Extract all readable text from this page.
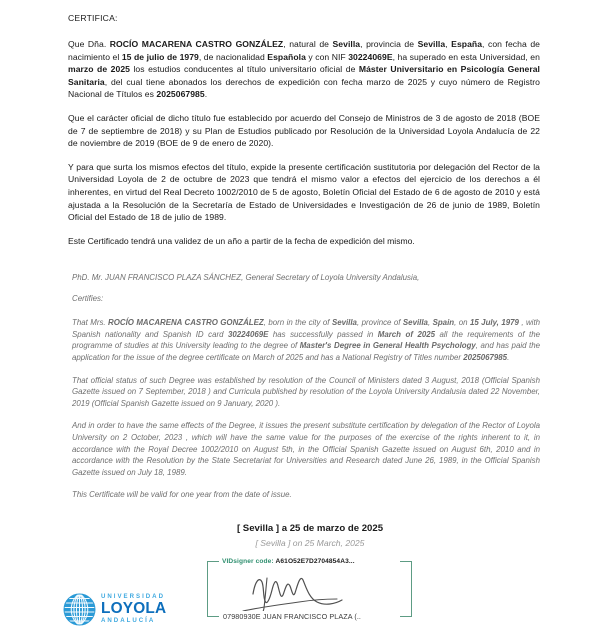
CERTIFICA:

Que Dña. ROCÍO MACARENA CASTRO GONZÁLEZ, natural de Sevilla, provincia de Sevilla, España, con fecha de nacimiento el 15 de julio de 1979, de nacionalidad Española y con NIF 30224069E, ha superado en esta Universidad, en marzo de 2025 los estudios conducentes al título universitario oficial de Máster Universitario en Psicología General Sanitaria, del cual tiene abonados los derechos de expedición con fecha marzo de 2025 y cuyo número de Registro Nacional de Títulos es 2025067985.

Que el carácter oficial de dicho título fue establecido por acuerdo del Consejo de Ministros de 3 de agosto de 2018 (BOE de 7 de septiembre de 2018) y su Plan de Estudios publicado por Resolución de la Universidad Loyola Andalucía de 22 de noviembre de 2019 (BOE de 9 de enero de 2020).

Y para que surta los mismos efectos del título, expide la presente certificación sustitutoria por delegación del Rector de la Universidad Loyola de 2 de octubre de 2023 que tendrá el mismo valor a efectos del ejercicio de los derechos a él inherentes, en virtud del Real Decreto 1002/2010 de 5 de agosto, Boletín Oficial del Estado de 6 de agosto de 2010 y está ajustada a la Resolución de la Secretaría de Estado de Universidades e Investigación de 26 de junio de 1989, Boletín Oficial del Estado de 18 de julio de 1989.

Este Certificado tendrá una validez de un año a partir de la fecha de expedición del mismo.

PhD. Mr. JUAN FRANCISCO PLAZA SÁNCHEZ, General Secretary of Loyola University Andalusia,

Certifies:

That Mrs. ROCÍO MACARENA CASTRO GONZÁLEZ, born in the city of Sevilla, province of Sevilla, Spain, on 15 July, 1979 , with Spanish nationality and Spanish ID card 30224069E has successfully passed in March of 2025 all the requirements of the programme of studies at this University leading to the degree of Master's Degree in General Health Psychology, and has paid the application for the issue of the degree certificate on March of 2025 and has a National Registry of Titles number 2025067985.

That official status of such Degree was established by resolution of the Council of Ministers dated 3 August, 2018 (Official Spanish Gazette issued on 7 September, 2018 ) and Curricula published by resolution of the Loyola University Andalusia dated 22 November, 2019 (Official Spanish Gazette issued on 9 January, 2020 ).

And in order to have the same effects of the Degree, it issues the present substitute certification by delegation of the Rector of Loyola University on 2 October, 2023 , which will have the same value for the purposes of the exercise of the rights inherent to it, in accordance with the Royal Decree 1002/2010 on August 5th, in the Official Spanish Gazette issued on August 6th, 2010 and in accordance with the Resolution by the State Secretariat for Universities and Research dated June 26, 1989, in the Official Spanish Gazette issued on July 18, 1989.

This Certificate will be valid for one year from the date of issue.

[ Sevilla ] a 25 de marzo de 2025
[ Sevilla ] on 25 March, 2025
VIDsigner code: A61O52E7D2704854A3...
07980930E JUAN FRANCISCO PLAZA (..
UNIVERSIDAD
LOYOLA
ANDALUCÍA
